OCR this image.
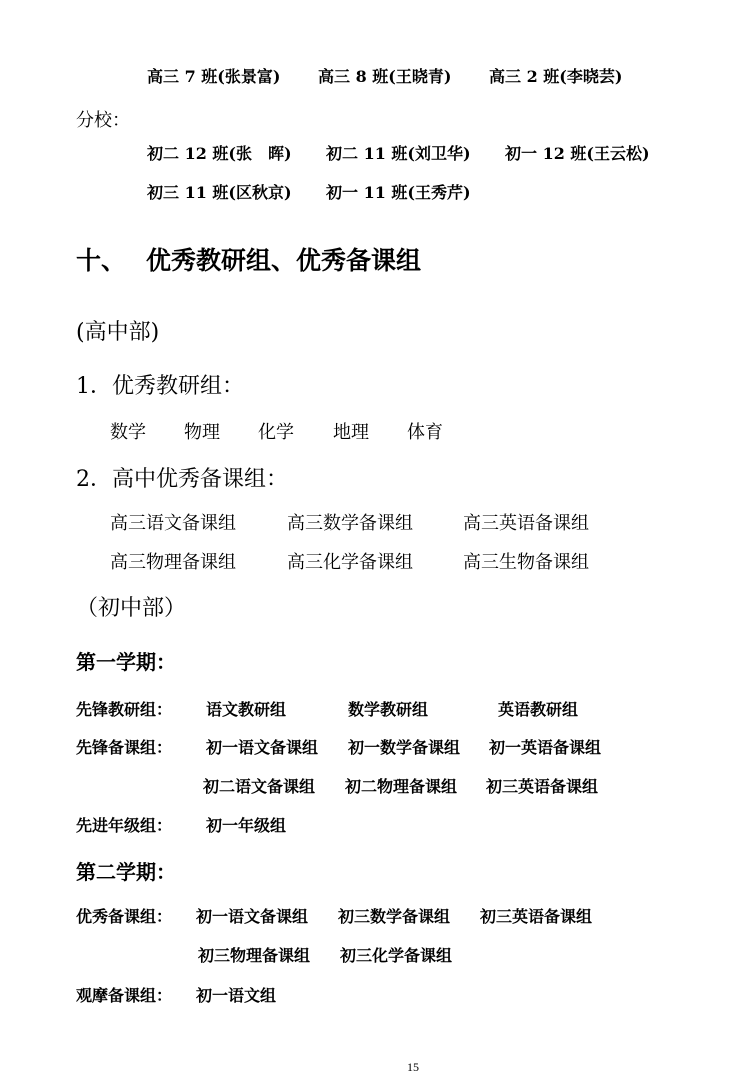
高三 7 班(张景富) 高三 8 班(王晓青) 高三 2 班(李晓芸)
分校：
初二 12 班(张　晖) 初二 11 班(刘卫华) 初一 12 班(王云松)
初三 11 班(区秋京) 初一 11 班(王秀芹)
十、 优秀教研组、优秀备课组
(高中部)
1．优秀教研组：
数学 物理 化学 地理 体育
2．高中优秀备课组：
高三语文备课组	高三数学备课组	高三英语备课组
高三物理备课组	高三化学备课组	高三生物备课组
（初中部）
第一学期：
先锋教研组： 语文教研组	数学教研组	英语教研组
先锋备课组： 初一语文备课组 初一数学备课组 初一英语备课组
初二语文备课组 初二物理备课组 初三英语备课组
先进年级组： 初一年级组
第二学期：
优秀备课组： 初一语文备课组 初三数学备课组 初三英语备课组
初三物理备课组 初三化学备课组
观摩备课组： 初一语文组
15
